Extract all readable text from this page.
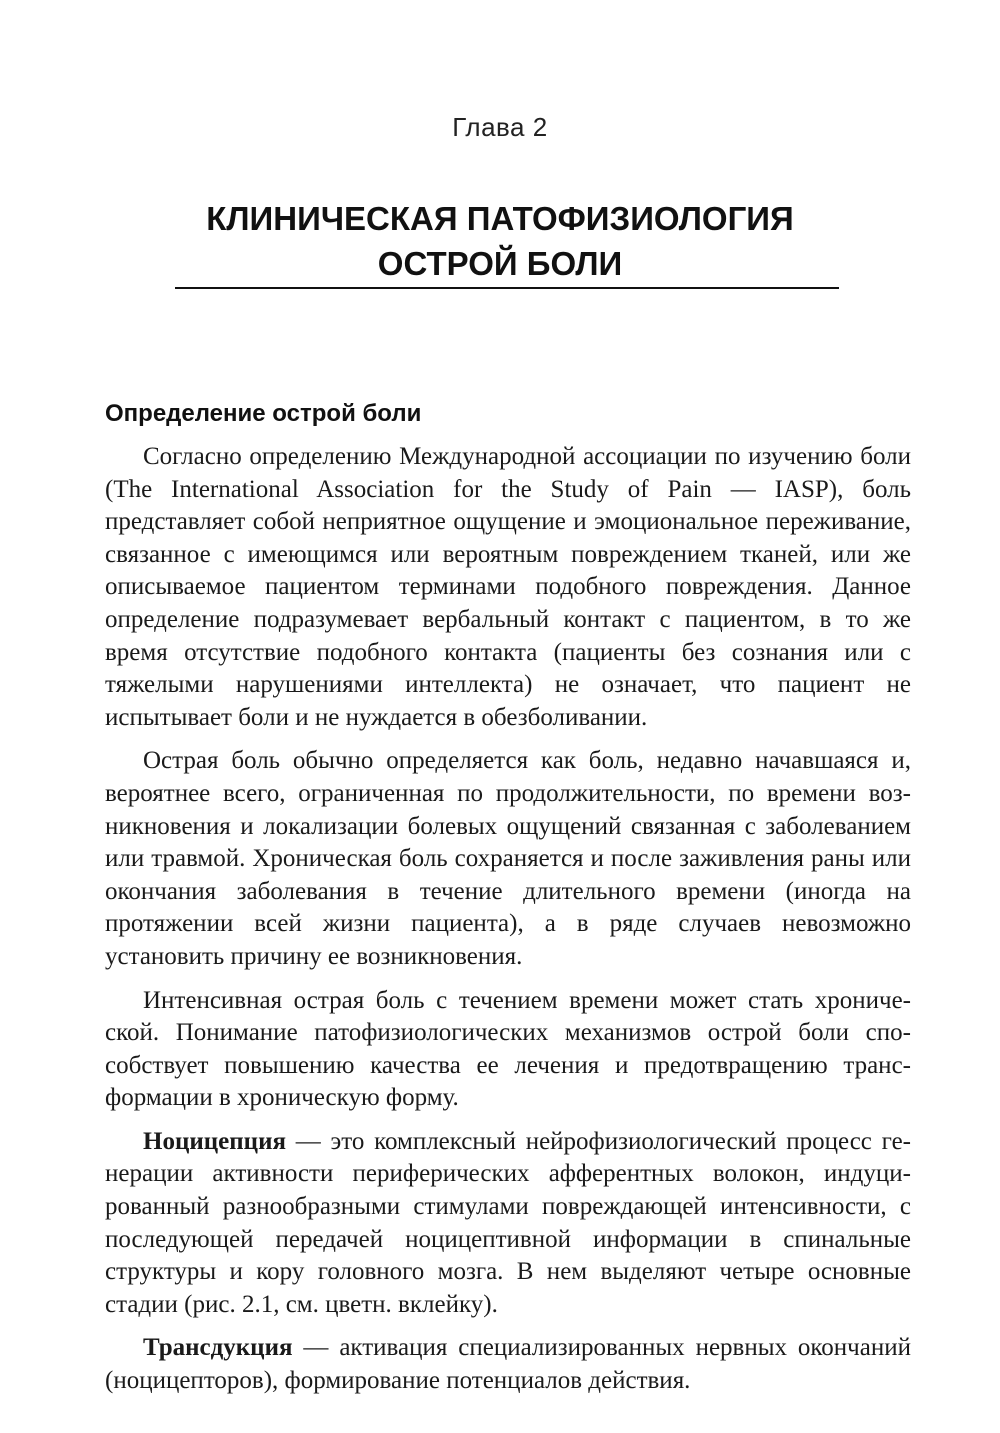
Глава 2
КЛИНИЧЕСКАЯ ПАТОФИЗИОЛОГИЯ
ОСТРОЙ БОЛИ
Определение острой боли

Согласно определению Международной ассоциации по изучению боли (The International Association for the Study of Pain — IASP), боль представляет собой неприятное ощущение и эмоциональное переживание, связанное с имеющимся или вероятным повреждением тканей, или же описываемое пациентом терминами подобного повреждения. Данное определение подразумевает вербальный контакт с пациентом, в то же время отсутствие подобного контакта (пациенты без сознания или с тяжелыми нарушениями интеллекта) не означает, что пациент не испытывает боли и не нуждается в обезболивании.

Острая боль обычно определяется как боль, недавно начавшаяся и, вероятнее всего, ограниченная по продолжительности, по времени возникновения и локализации болевых ощущений связанная с заболеванием или травмой. Хроническая боль сохраняется и после заживления раны или окончания заболевания в течение длительного времени (иногда на протяжении всей жизни пациента), а в ряде случаев невозможно установить причину ее возникновения.

Интенсивная острая боль с течением времени может стать хронической. Понимание патофизиологических механизмов острой боли способствует повышению качества ее лечения и предотвращению трансформации в хроническую форму.

Ноцицепция — это комплексный нейрофизиологический процесс генерации активности периферических афферентных волокон, индуцированный разнообразными стимулами повреждающей интенсивности, с последующей передачей ноцицептивной информации в спинальные структуры и кору головного мозга. В нем выделяют четыре основные стадии (рис. 2.1, см. цветн. вклейку).

Трансдукция — активация специализированных нервных окончаний (ноцицепторов), формирование потенциалов действия.
